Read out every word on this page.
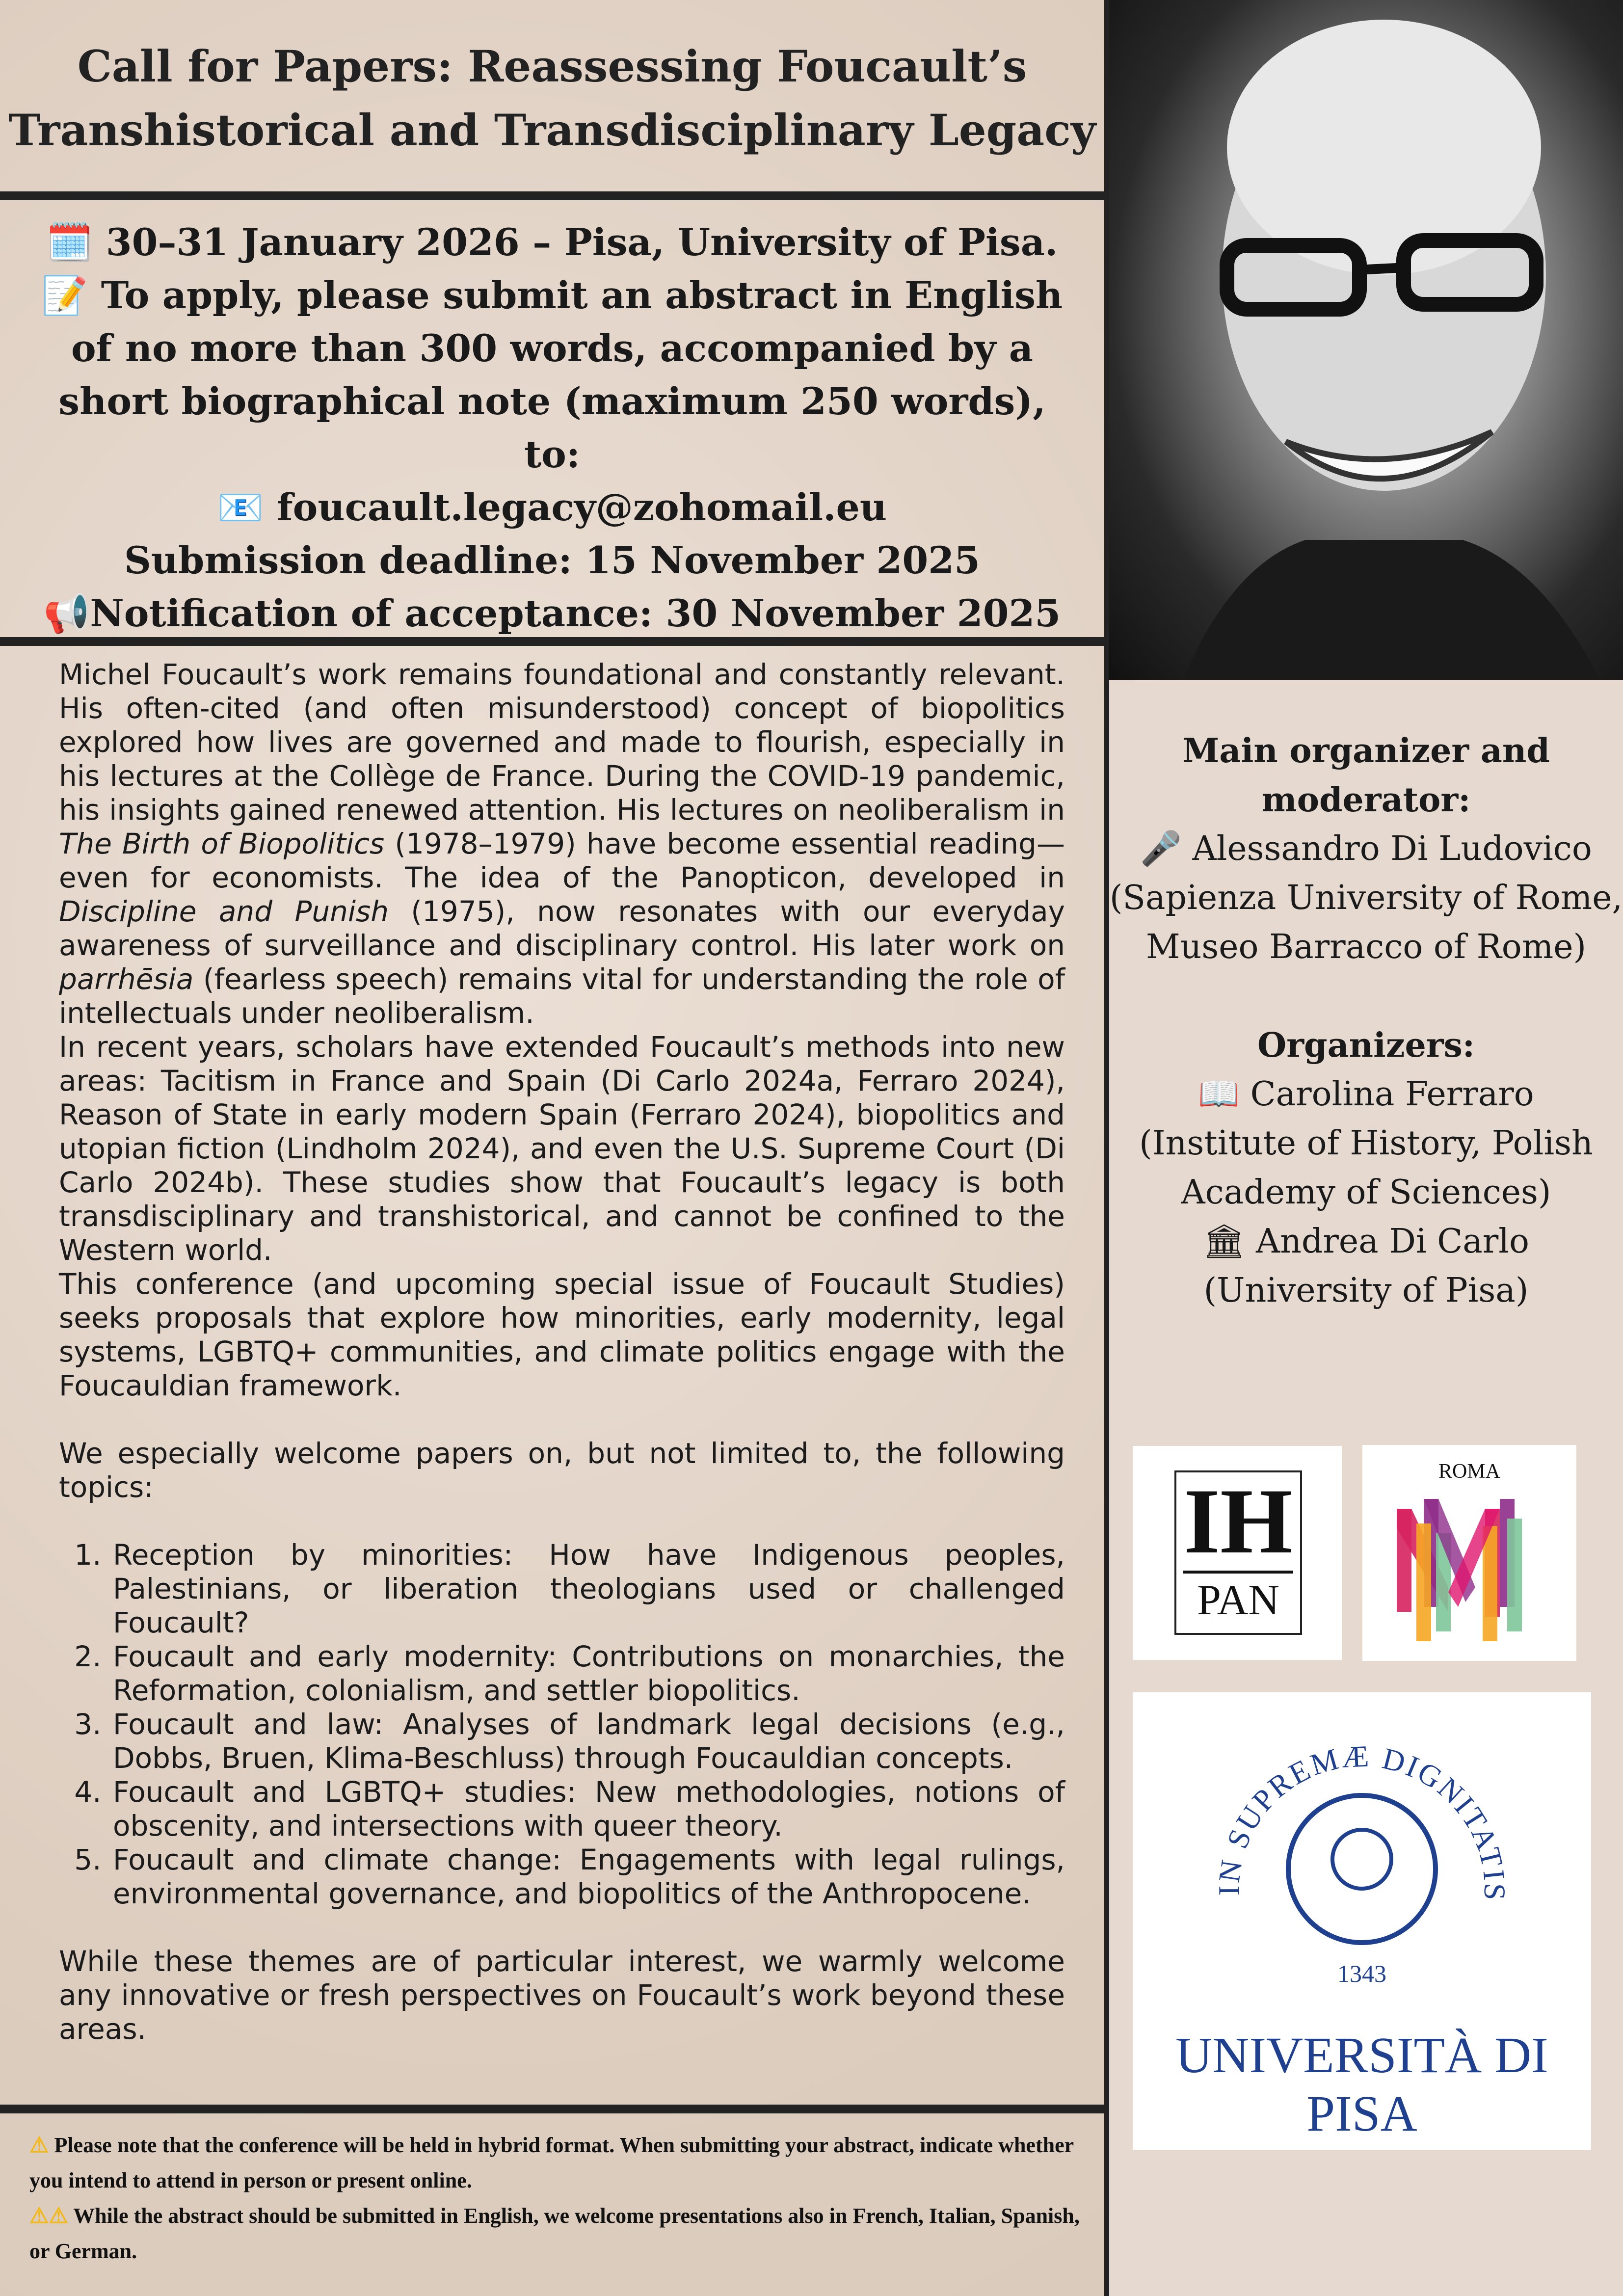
Call for Papers: Reassessing Foucault’s
Transhistorical and Transdisciplinary Legacy
🗓️ 30–31 January 2026 – Pisa, University of Pisa.
📝 To apply, please submit an abstract in English of no more than 300 words, accompanied by a short biographical note (maximum 250 words), to:
📧 foucault.legacy@zohomail.eu
Submission deadline: 15 November 2025
📢Notification of acceptance: 30 November 2025

Michel Foucault’s work remains foundational and constantly relevant. His often-cited (and often misunderstood) concept of biopolitics explored how lives are governed and made to flourish, especially in his lectures at the Collège de France. During the COVID-19 pandemic, his insights gained renewed attention. His lectures on neoliberalism in The Birth of Biopolitics (1978–1979) have become essential reading—even for economists. The idea of the Panopticon, developed in Discipline and Punish (1975), now resonates with our everyday awareness of surveillance and disciplinary control. His later work on parrhēsia (fearless speech) remains vital for understanding the role of intellectuals under neoliberalism.

In recent years, scholars have extended Foucault’s methods into new areas: Tacitism in France and Spain (Di Carlo 2024a, Ferraro 2024), Reason of State in early modern Spain (Ferraro 2024), biopolitics and utopian fiction (Lindholm 2024), and even the U.S. Supreme Court (Di Carlo 2024b). These studies show that Foucault’s legacy is both transdisciplinary and transhistorical, and cannot be confined to the Western world.

This conference (and upcoming special issue of Foucault Studies) seeks proposals that explore how minorities, early modernity, legal systems, LGBTQ+ communities, and climate politics engage with the Foucauldian framework.

We especially welcome papers on, but not limited to, the following topics:

1. Reception by minorities: How have Indigenous peoples, Palestinians, or liberation theologians used or challenged Foucault?
2. Foucault and early modernity: Contributions on monarchies, the Reformation, colonialism, and settler biopolitics.
3. Foucault and law: Analyses of landmark legal decisions (e.g., Dobbs, Bruen, Klima-Beschluss) through Foucauldian concepts.
4. Foucault and LGBTQ+ studies: New methodologies, notions of obscenity, and intersections with queer theory.
5. Foucault and climate change: Engagements with legal rulings, environmental governance, and biopolitics of the Anthropocene.

While these themes are of particular interest, we warmly welcome any innovative or fresh perspectives on Foucault’s work beyond these areas.

⚠ Please note that the conference will be held in hybrid format. When submitting your abstract, indicate whether you intend to attend in person or present online.
⚠⚠ While the abstract should be submitted in English, we welcome presentations also in French, Italian, Spanish, or German.
Main organizer and moderator:
🎤 Alessandro Di Ludovico
(Sapienza University of Rome, Museo Barracco of Rome)
Organizers:
📖 Carolina Ferraro
(Institute of History, Polish Academy of Sciences)
🏛 Andrea Di Carlo
(University of Pisa)
IH
PAN
ROMA
IN SUPREMÆ DIGNITATIS
1343
UNIVERSITÀ DI PISA
